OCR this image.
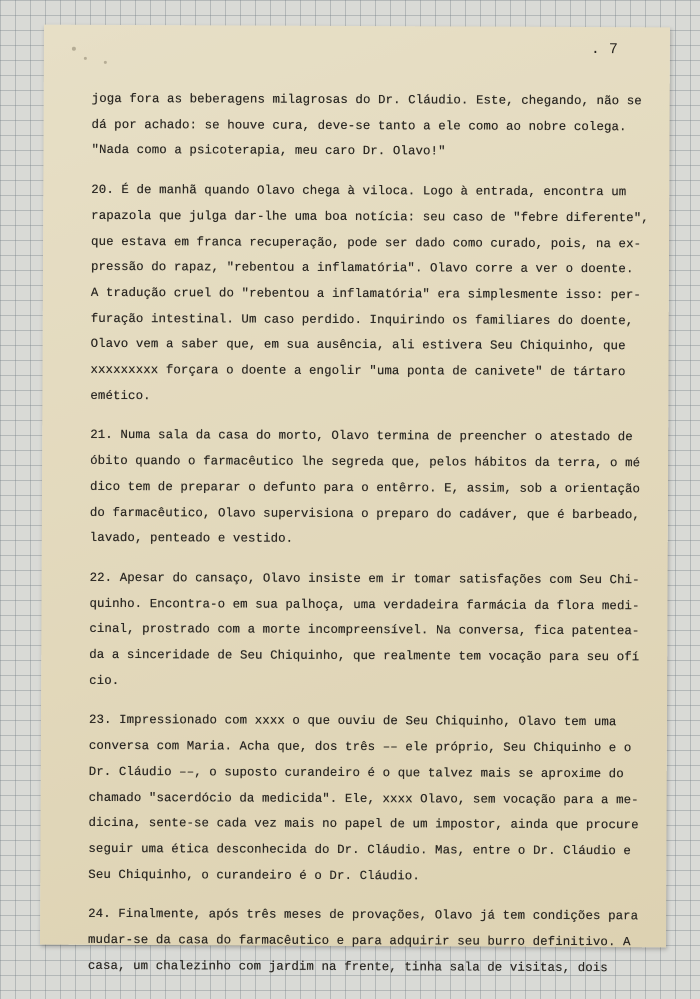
. 7
joga fora as beberagens milagrosas do Dr. Cláudio. Este, chegando, não se
dá por achado: se houve cura, deve-se tanto a ele como ao nobre colega.
"Nada como a psicoterapia, meu caro Dr. Olavo!"
20. É de manhã quando Olavo chega à viloca. Logo à entrada, encontra um
rapazola que julga dar-lhe uma boa notícia: seu caso de "febre diferente",
que estava em franca recuperação, pode ser dado como curado, pois, na ex-
pressão do rapaz, "rebentou a inflamatória". Olavo corre a ver o doente.
A tradução cruel do "rebentou a inflamatória" era simplesmente isso: per-
furação intestinal. Um caso perdido. Inquirindo os familiares do doente,
Olavo vem a saber que, em sua ausência, ali estivera Seu Chiquinho, que
xxxxxxxxx forçara o doente a engolir "uma ponta de canivete" de tártaro
emético.
21. Numa sala da casa do morto, Olavo termina de preencher o atestado de
óbito quando o farmacêutico lhe segreda que, pelos hábitos da terra, o mé
dico tem de preparar o defunto para o entêrro. E, assim, sob a orientação
do farmacêutico, Olavo supervisiona o preparo do cadáver, que é barbeado,
lavado, penteado e vestido.
22. Apesar do cansaço, Olavo insiste em ir tomar satisfações com Seu Chi-
quinho. Encontra-o em sua palhoça, uma verdadeira farmácia da flora medi-
cinal, prostrado com a morte incompreensível. Na conversa, fica patentea-
da a sinceridade de Seu Chiquinho, que realmente tem vocação para seu ofí
cio.
23. Impressionado com xxxx o que ouviu de Seu Chiquinho, Olavo tem uma
conversa com Maria. Acha que, dos três –– ele próprio, Seu Chiquinho e o
Dr. Cláudio ––, o suposto curandeiro é o que talvez mais se aproxime do
chamado "sacerdócio da medicida". Ele, xxxx Olavo, sem vocação para a me-
dicina, sente-se cada vez mais no papel de um impostor, ainda que procure
seguir uma ética desconhecida do Dr. Cláudio. Mas, entre o Dr. Cláudio e
Seu Chiquinho, o curandeiro é o Dr. Cláudio.
24. Finalmente, após três meses de provações, Olavo já tem condições para
mudar-se da casa do farmacêutico e para adquirir seu burro definitivo. A
casa, um chalezinho com jardim na frente, tinha sala de visitas, dois
